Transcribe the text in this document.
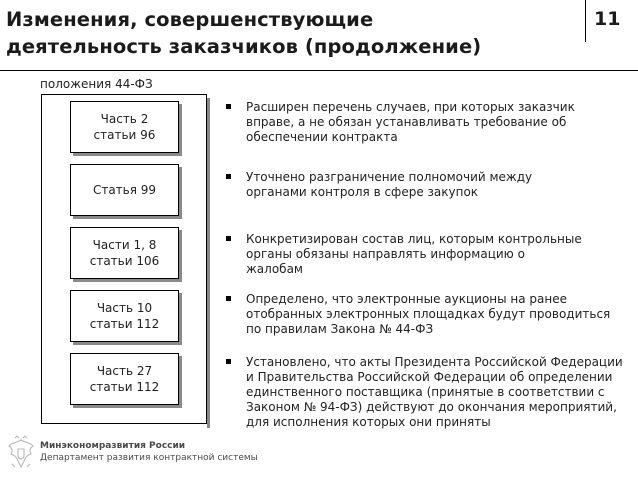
Изменения, совершенствующие
деятельность заказчиков (продолжение)
11
положения 44-ФЗ
Часть 2
статьи 96
Статья 99
Части 1, 8
статьи 106
Часть 10
статьи 112
Часть 27
статьи 112
Расширен перечень случаев, при которых заказчик
вправе, а не обязан устанавливать требование об
обеспечении контракта
Уточнено разграничение полномочий между
органами контроля в сфере закупок
Конкретизирован состав лиц, которым контрольные
органы обязаны направлять информацию о
жалобам
Определено, что электронные аукционы на ранее
отобранных электронных площадках будут проводиться
по правилам Закона № 44-ФЗ
Установлено, что акты Президента Российской Федерации
и Правительства Российской Федерации об определении
единственного поставщика (принятые в соответствии с
Законом № 94-ФЗ) действуют до окончания мероприятий,
для исполнения которых они приняты
Минэкономразвития России
Департамент развития контрактной системы
